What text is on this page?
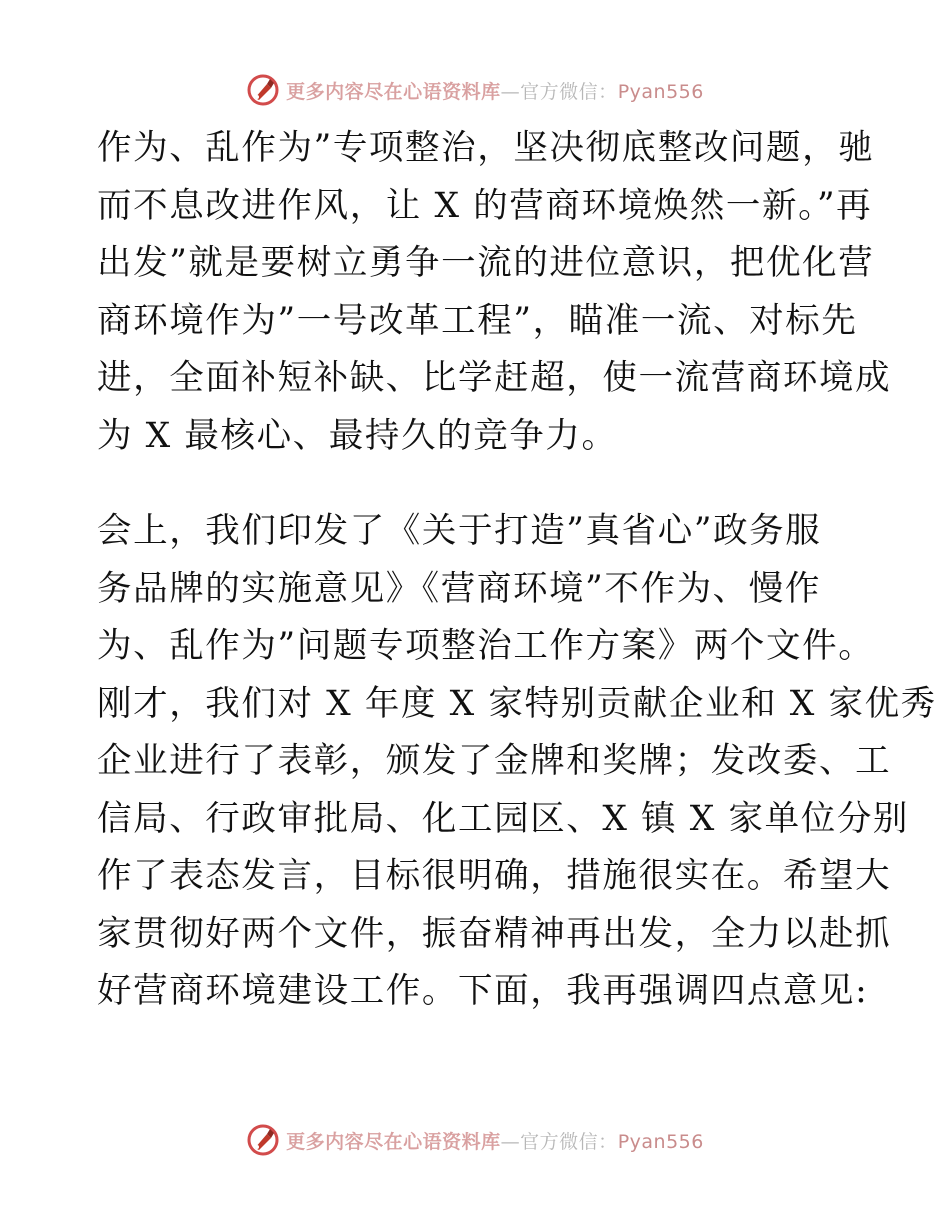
更多内容尽在心语资料库—官方微信：Pyan556
作为、乱作为”专项整治，坚决彻底整改问题，驰
而不息改进作风，让 X 的营商环境焕然一新。”再
出发”就是要树立勇争一流的进位意识，把优化营
商环境作为”一号改革工程”，瞄准一流、对标先
进，全面补短补缺、比学赶超，使一流营商环境成
为 X 最核心、最持久的竞争力。
会上，我们印发了《关于打造”真省心”政务服
务品牌的实施意见》《营商环境”不作为、慢作
为、乱作为”问题专项整治工作方案》两个文件。
刚才，我们对 X 年度 X 家特别贡献企业和 X 家优秀
企业进行了表彰，颁发了金牌和奖牌；发改委、工
信局、行政审批局、化工园区、X 镇 X 家单位分别
作了表态发言，目标很明确，措施很实在。希望大
家贯彻好两个文件，振奋精神再出发，全力以赴抓
好营商环境建设工作。下面，我再强调四点意见:
更多内容尽在心语资料库—官方微信：Pyan556
